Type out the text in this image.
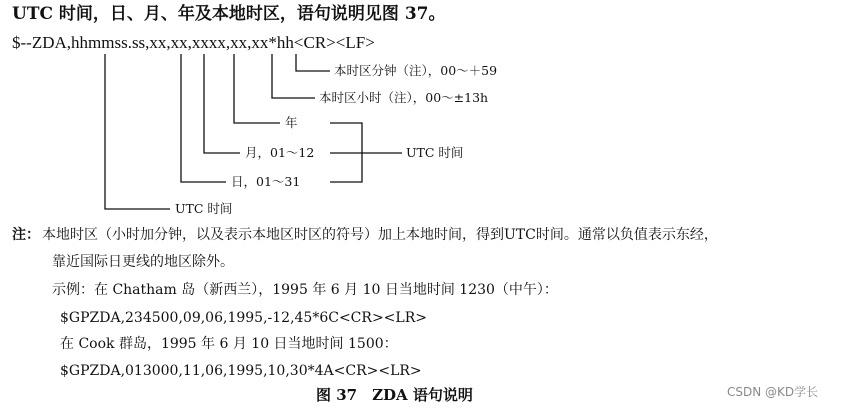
UTC 时间，日、月、年及本地时区，语句说明见图 37。
$--ZDA,hhmmss.ss,xx,xx,xxxx,xx,xx*hh<CR><LF>
本时区分钟（注），00～＋59
本时区小时（注），00～±13h
年
月，01～12	UTC 时间
日，01～31
UTC 时间
注： 本地时区（小时加分钟，以及表示本地区时区的符号）加上本地时间，得到UTC时间。通常以负值表示东经，
靠近国际日更线的地区除外。
示例：在 Chatham 岛（新西兰），1995 年 6 月 10 日当地时间 1230（中午）：
$GPZDA,234500,09,06,1995,-12,45*6C<CR><LR>
在 Cook 群岛，1995 年 6 月 10 日当地时间 1500：
$GPZDA,013000,11,06,1995,10,30*4A<CR><LR>
图 37　ZDA 语句说明	CSDN @KD学长
